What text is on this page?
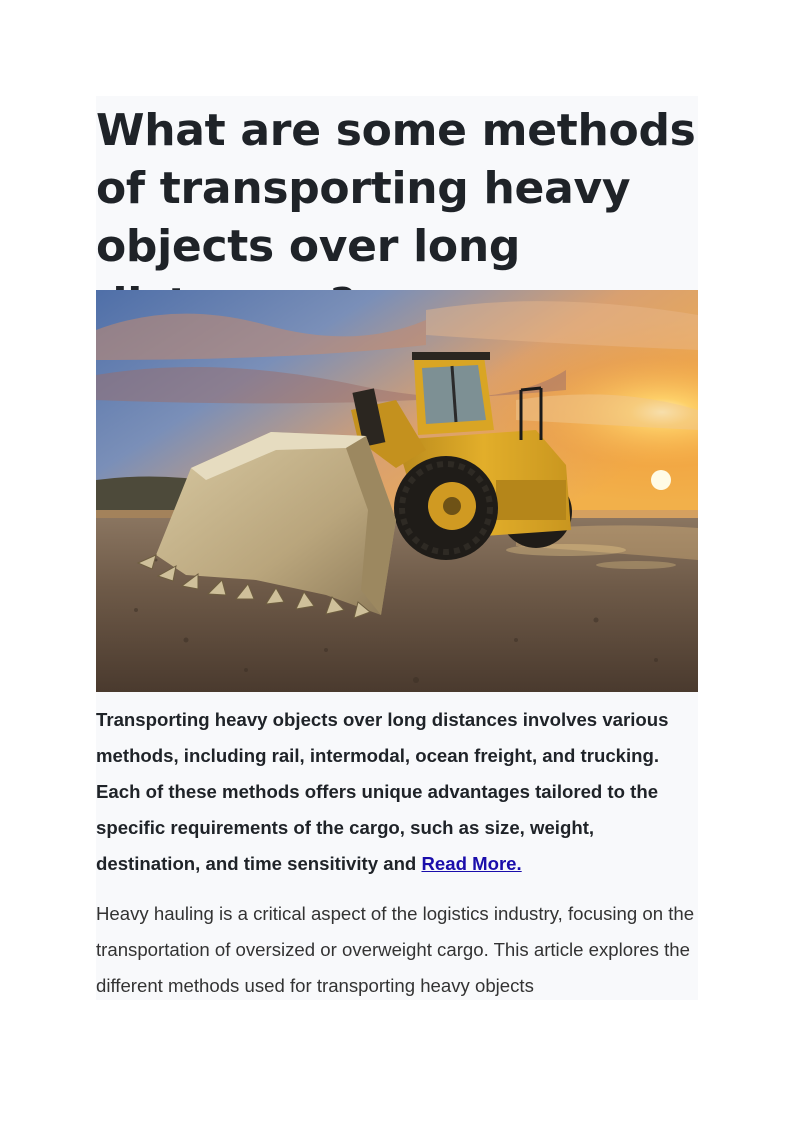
What are some methods of transporting heavy objects over long

Transporting heavy objects over long distances involves various methods, including rail, intermodal, ocean freight, and trucking. Each of these methods offers unique advantages tailored to the specific requirements of the cargo, such as size, weight, destination, and time sensitivity and Read More.

Heavy hauling is a critical aspect of the logistics industry, focusing on the transportation of oversized or overweight cargo. This article explores the different methods used for transporting heavy objects
